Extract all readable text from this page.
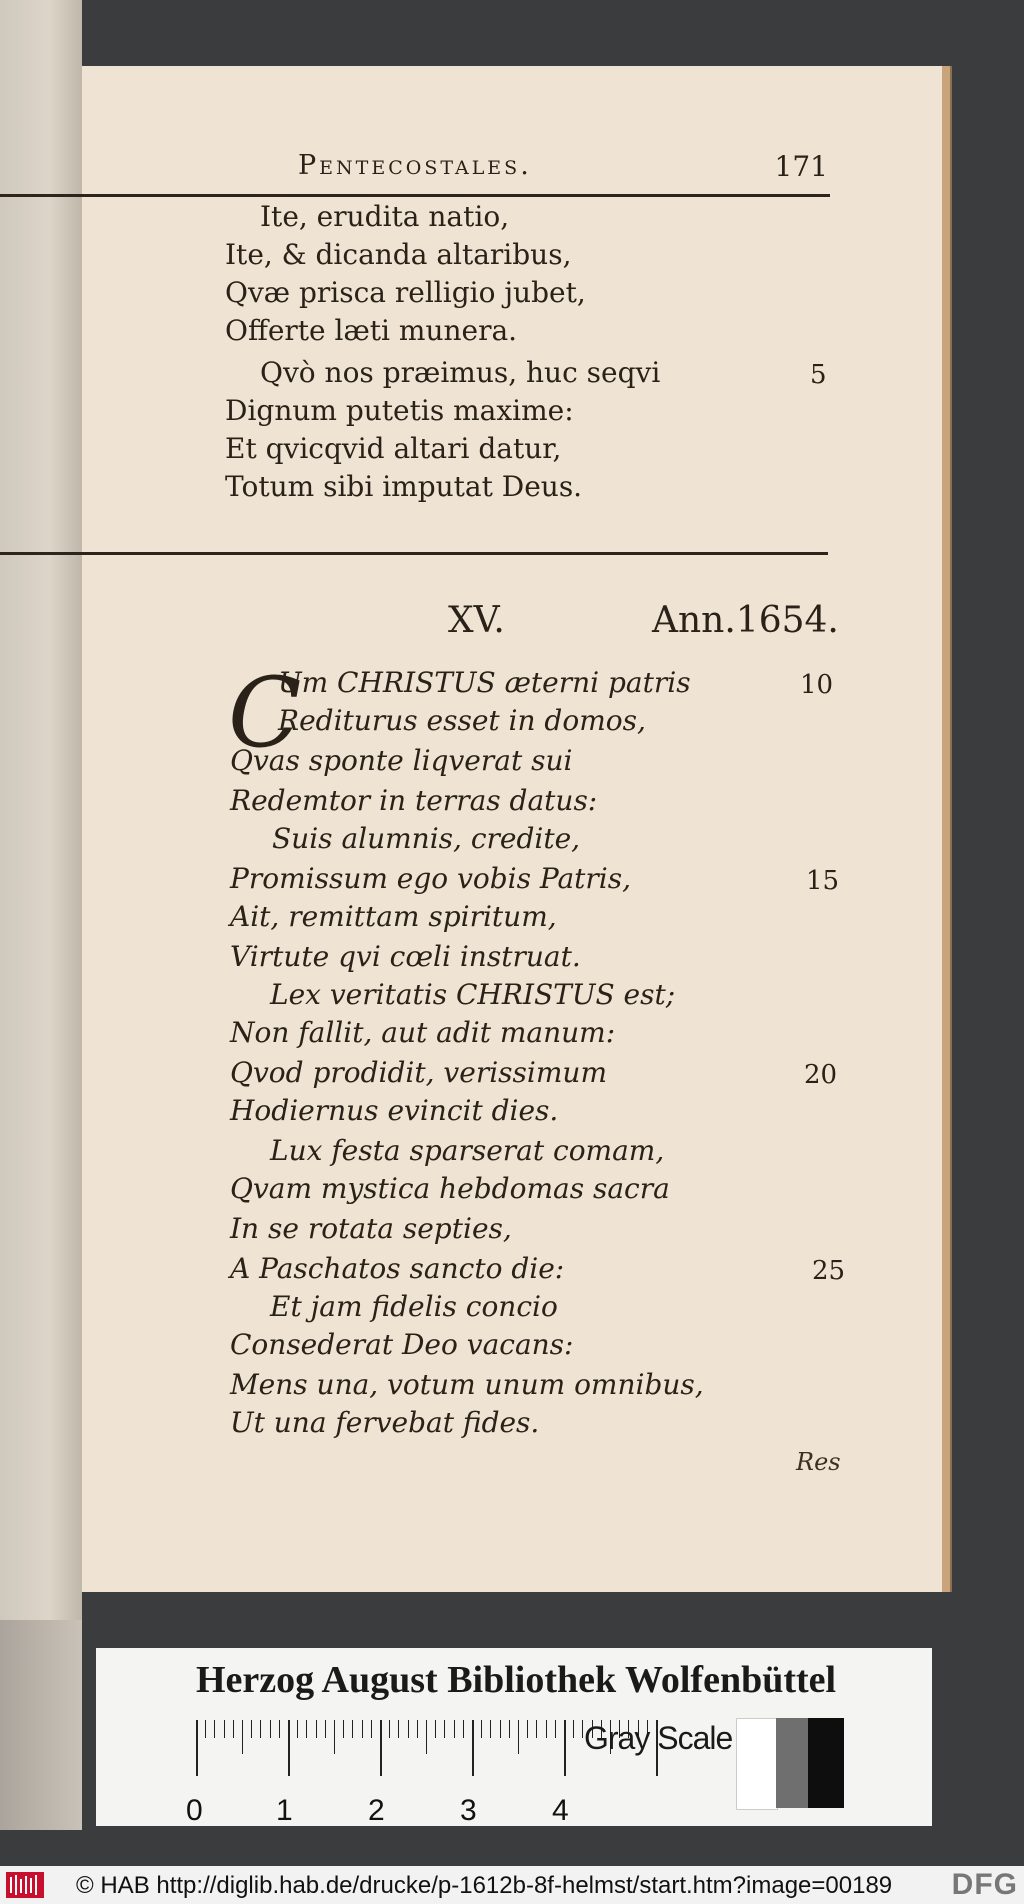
Pentecostales.	171
Ite, erudita natio,
Ite, & dicanda altaribus,
Qvæ prisca relligio jubet,
Offerte læti munera.
Qvò nos præimus, huc seqvi
Dignum putetis maxime:
Et qvicqvid altari datur,
Totum sibi imputat Deus.
5
XV.	Ann.1654.
C
Um CHRISTUS æterni patris
Rediturus esset in domos,
Qvas sponte liqverat sui
Redemtor in terras datus:
Suis alumnis, credite,
Promissum ego vobis Patris,
Ait, remittam spiritum,
Virtute qvi cœli instruat.
Lex veritatis CHRISTUS est;
Non fallit, aut adit manum:
Qvod prodidit, verissimum
Hodiernus evincit dies.
Lux festa sparserat comam,
Qvam mystica hebdomas sacra
In se rotata septies,
A Paschatos sancto die:
Et jam fidelis concio
Consederat Deo vacans:
Mens una, votum unum omnibus,
Ut una fervebat fides.
10
15
20
25
Res
Herzog August Bibliothek Wolfenbüttel
0 1	2	3	4
Gray Scale
© HAB http://diglib.hab.de/drucke/p-1612b-8f-helmst/start.htm?image=00189 DFG
